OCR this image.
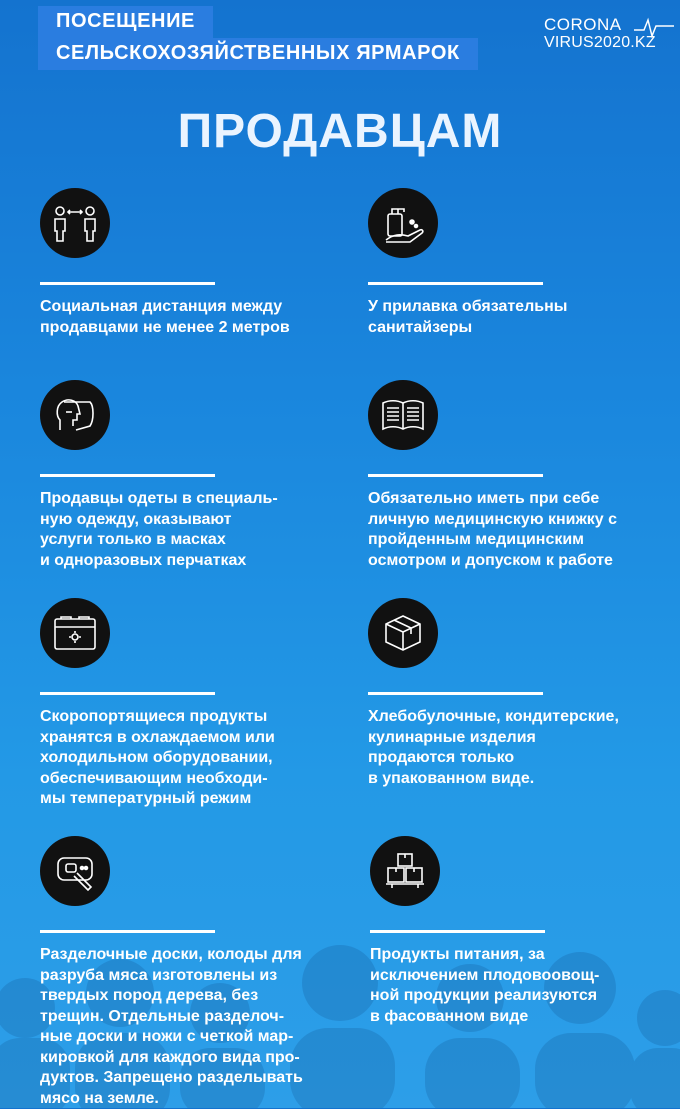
ПОСЕЩЕНИЕ
СЕЛЬСКОХОЗЯЙСТВЕННЫХ ЯРМАРОК
CORONA
VIRUS2020.KZ
ПРОДАВЦАМ
Социальная дистанция между
продавцами не менее 2 метров
У прилавка обязательны
санитайзеры
Продавцы одеты в специаль-
ную одежду, оказывают
услуги только в масках
и одноразовых перчатках
Обязательно иметь при себе
личную медицинскую книжку с
пройденным медицинским
осмотром и допуском к работе
Скоропортящиеся продукты
хранятся в охлаждаемом или
холодильном оборудовании,
обеспечивающим необходи-
мы температурный режим
Хлебобулочные, кондитерские,
кулинарные изделия
продаются только
в упакованном виде.
Разделочные доски, колоды для
разруба мяса изготовлены из
твердых пород дерева, без
трещин. Отдельные разделоч-
ные доски и ножи с четкой мар-
кировкой для каждого вида про-
дуктов. Запрещено разделывать
мясо на земле.
Продукты питания, за
исключением плодовоовощ-
ной продукции реализуются
в фасованном виде
